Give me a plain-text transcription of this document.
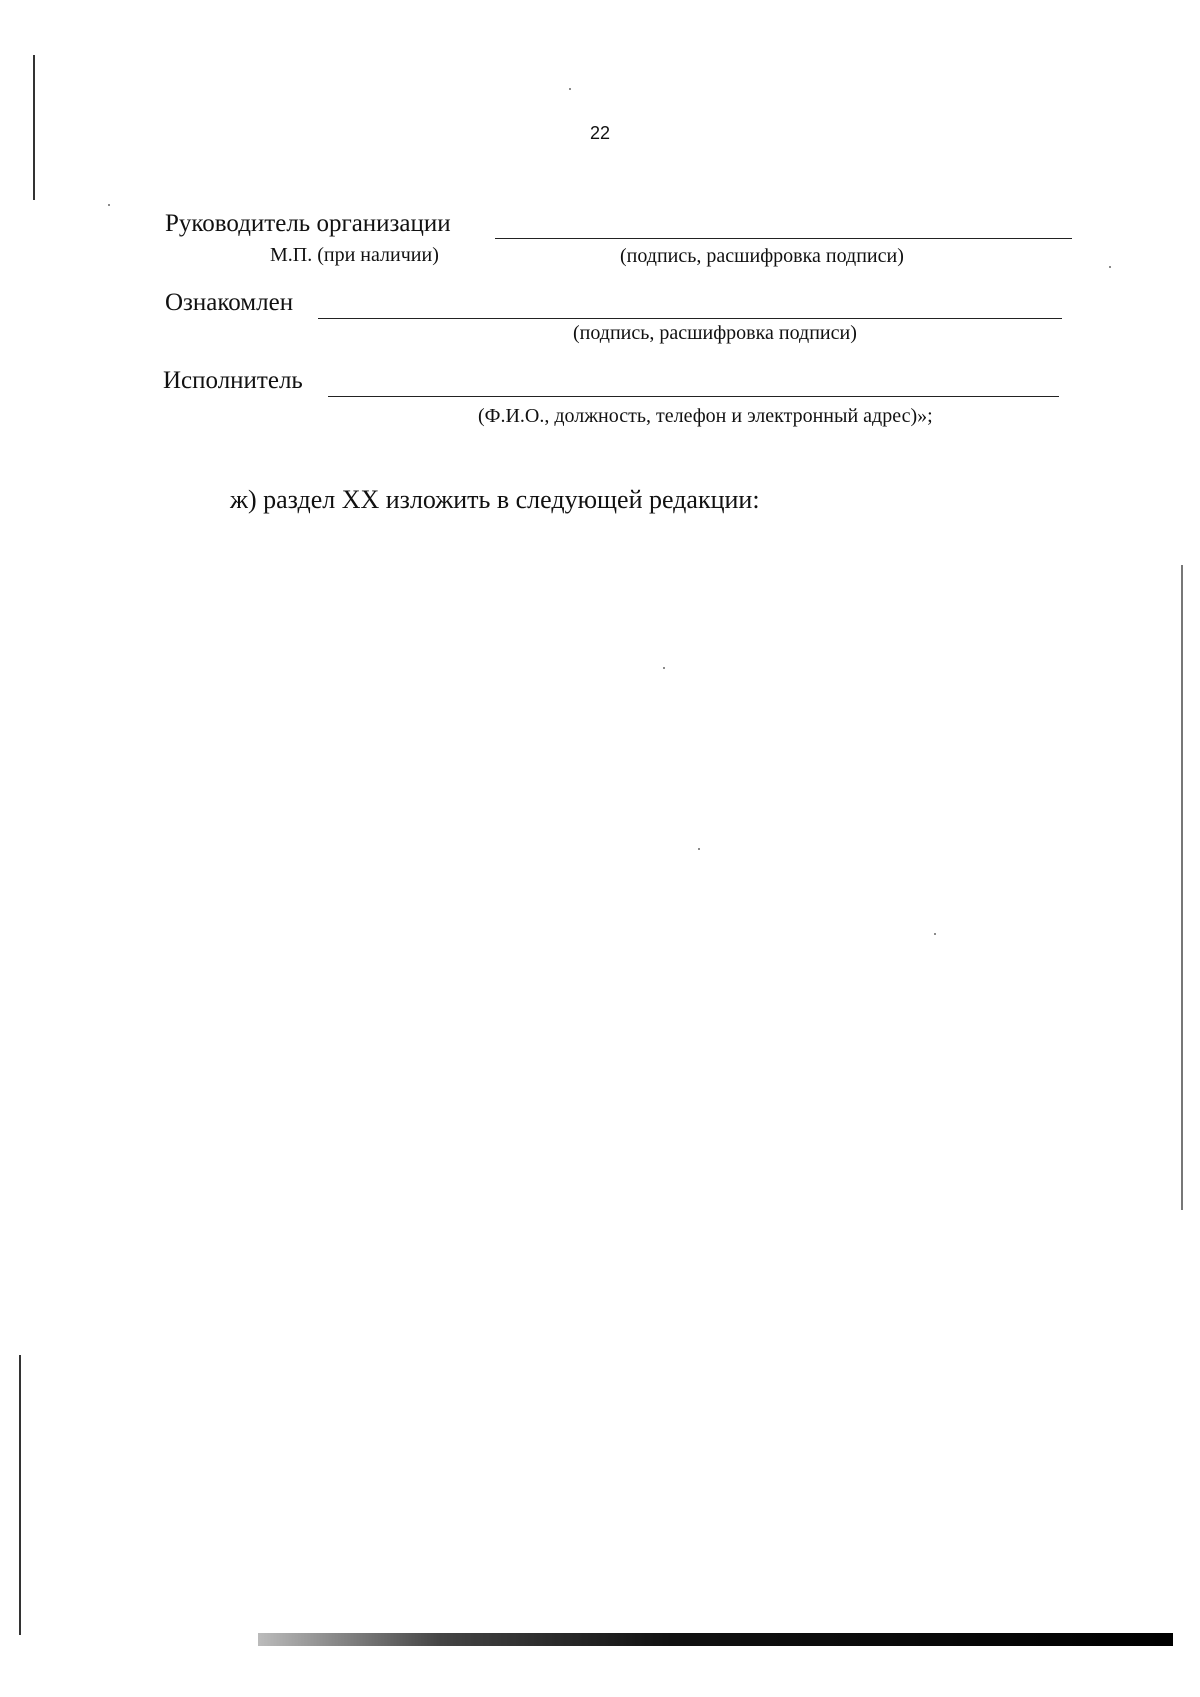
22
Руководитель организации
М.П. (при наличии)	(подпись, расшифровка подписи)
Ознакомлен
(подпись, расшифровка подписи)
Исполнитель
(Ф.И.О., должность, телефон и электронный адрес)»;
ж) раздел XX изложить в следующей редакции:
